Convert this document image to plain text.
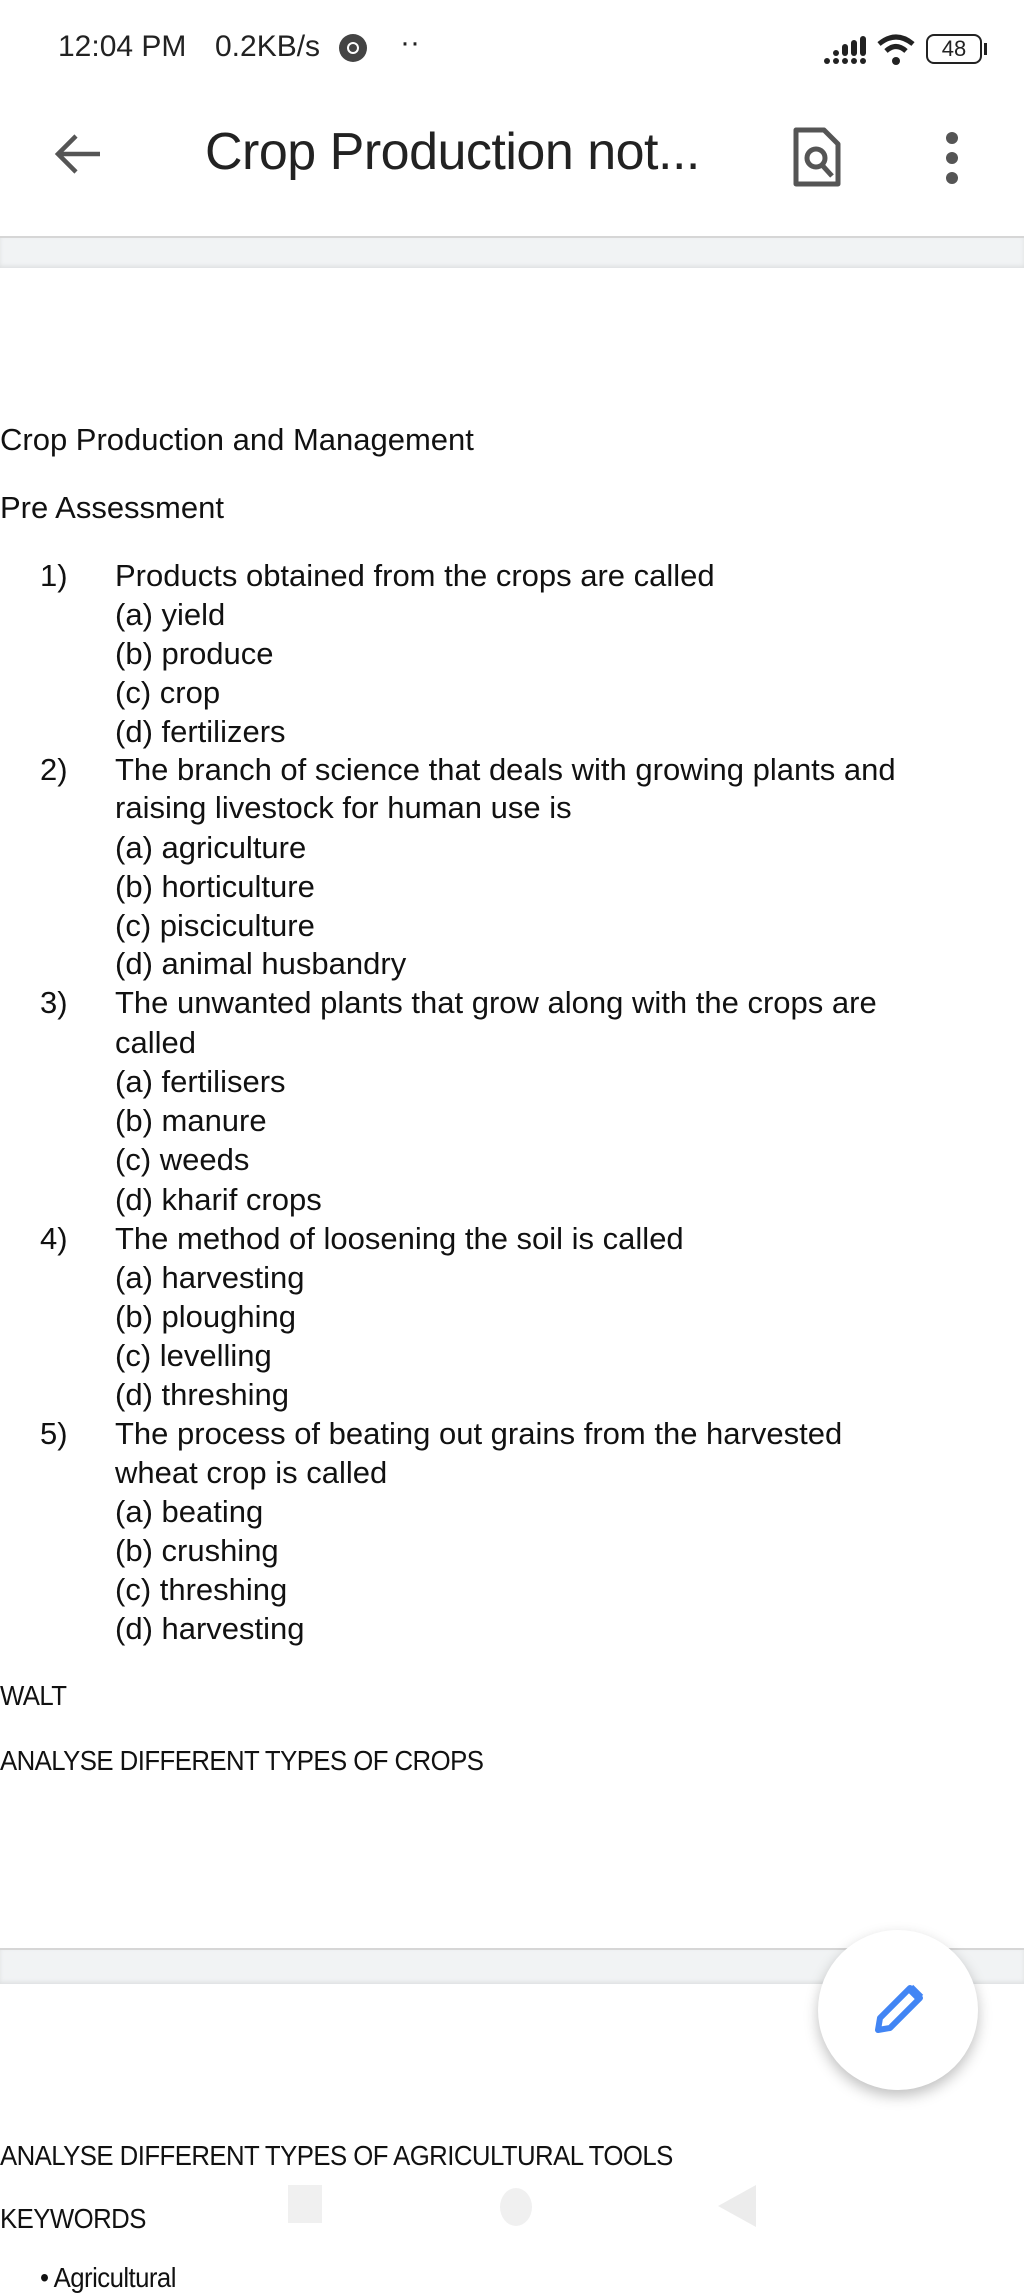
12:04 PM 0.2KB/s	··	48
Crop Production not...
Crop Production and Management
Pre Assessment
1) Products obtained from the crops are called
(a) yield
(b) produce
(c) crop
(d) fertilizers
2) The branch of science that deals with growing plants and
raising livestock for human use is
(a) agriculture
(b) horticulture
(c) pisciculture
(d) animal husbandry
3) The unwanted plants that grow along with the crops are
called
(a) fertilisers
(b) manure
(c) weeds
(d) kharif crops
4) The method of loosening the soil is called
(a) harvesting
(b) ploughing
(c) levelling
(d) threshing
5) The process of beating out grains from the harvested
wheat crop is called
(a) beating
(b) crushing
(c) threshing
(d) harvesting
WALT
ANALYSE DIFFERENT TYPES OF CROPS
ANALYSE DIFFERENT TYPES OF AGRICULTURAL TOOLS
KEYWORDS
• Agricultural
